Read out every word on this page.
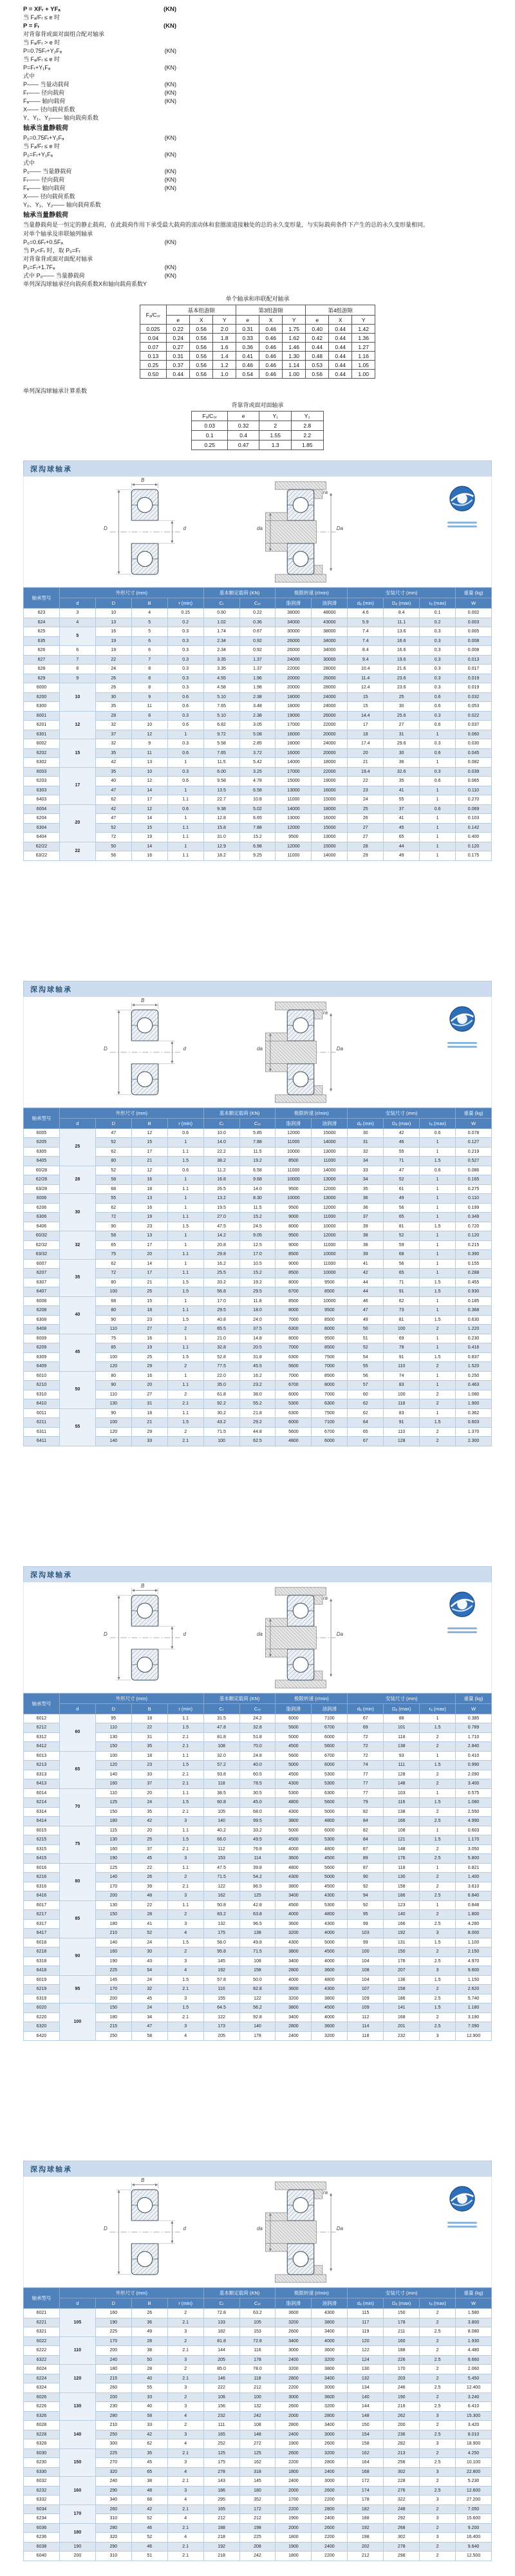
P = XFᵣ + YFₐ	(KN)
当 Fₐ/Fᵣ ≤ e 时
P = Fᵣ	(KN)
对背靠背或面对面组合配对轴承
当 Fₐ/Fᵣ > e 时
P=0.75Fᵣ+Y₂Fₐ	(KN)
当 Fₐ/Fᵣ ≤ e 时
P=Fᵣ+Y₁Fₐ	(KN)
式中
P—— 当量动载荷	(KN)
Fᵣ—— 径向载荷	(KN)
Fₐ—— 轴向载荷	(KN)
X—— 径向载荷系数
Y、Y₁、Y₂—— 轴向载荷系数
轴承当量静载荷
P₀=0.75Fᵣ+Y₁Fₐ	(KN)
当 Fₐ/Fᵣ ≤ e 时
P₀=Fᵣ+Y₁Fₐ	(KN)
式中
P₀—— 当量静载荷	(KN)
Fᵣ—— 径向载荷	(KN)
Fₐ—— 轴向载荷	(KN)
X—— 径向载荷系数
Y₀、Y₁、Y₂—— 轴向载荷系数
轴承当量静载荷
当量静载荷是一恒定的静止载荷，在此载荷作用下承受最大载荷的滚动体和套圈滚道接触处的总的永久变形量，与实际载荷条件下产生的总的永久变形量相同。
对单个轴承及串联轴列轴承
P₀=0.6Fᵣ+0.5Fₐ	(KN)
当 P₀<Fᵣ 时，取 P₀=Fᵣ
对背靠背或面对面配对轴承
P₀=Fᵣ+1.7Fₐ	(KN)
式中 P₀—— 当量静载荷	(KN)
单列深沟球轴承径向载荷系数X和轴向载荷系数Y
单个轴承和串联配对轴承
Fₐ/C₀ᵣ	基本组游隙			第3组游隙			第4组游隙		
	e	X	Y	e	X	Y	e	X	Y
0.025	0.22	0.56	2.0	0.31	0.46	1.75	0.40	0.44	1.42
0.04	0.24	0.56	1.8	0.33	0.46	1.62	0.42	0.44	1.36
0.07	0.27	0.56	1.6	0.36	0.46	1.46	0.44	0.44	1.27
0.13	0.31	0.56	1.4	0.41	0.46	1.30	0.48	0.44	1.16
0.25	0.37	0.56	1.2	0.46	0.46	1.14	0.53	0.44	1.05
0.50	0.44	0.56	1.0	0.54	0.46	1.00	0.56	0.44	1.00
单列深沟球轴承计算系数
背靠背或面对面轴承
Fₐ/C₀ᵣ	e	Y₁	Y₂
0.03	0.32	2	2.8
0.1	0.4	1.55	2.2
0.25	0.47	1.3	1.85
深沟球轴承
B
D	d	da	Da
ra
轴承型号	外形尺寸 (mm)				基本额定载荷 (KN)		极限转速 (r/min)		安装尺寸 (mm)			重量 (kg)
	d	D	B	r (min)	Cᵣ	C₀ᵣ	脂润滑	油润滑	dₐ (min)	Dₐ (max)	rₐ (max)	W
623	3	10	4	0.15	0.60	0.22	38000	48000	4.6	8.4	0.1	0.002
624	4	13	5	0.2	1.02	0.36	34000	43000	5.9	11.1	0.2	0.003
625	5	16	5	0.3	1.74	0.67	30000	38000	7.4	13.6	0.3	0.005
635		19	6	0.3	2.34	0.92	26000	34000	7.4	16.6	0.3	0.008
626	6	19	6	0.3	2.34	0.92	26000	34000	8.4	16.6	0.3	0.008
627	7	22	7	0.3	3.35	1.37	24000	30000	9.4	19.6	0.3	0.013
628	8	24	8	0.3	3.35	1.37	22000	28000	10.4	21.6	0.3	0.017
629	9	26	8	0.3	4.55	1.96	20000	26000	11.4	23.6	0.3	0.019
6000	10	26	8	0.3	4.58	1.98	20000	28000	12.4	23.6	0.3	0.019
6200		30	9	0.6	5.10	2.38	18000	24000	15	25	0.6	0.032
6300		35	11	0.6	7.65	3.48	18000	24000	15	30	0.6	0.053
6001	12	28	8	0.3	5.10	2.38	19000	26000	14.4	25.6	0.3	0.022
6201		32	10	0.6	6.82	3.05	17000	22000	17	27	0.6	0.037
6301		37	12	1	9.72	5.08	16000	20000	18	31	1	0.060
6002	15	32	9	0.3	5.58	2.85	18000	24000	17.4	29.6	0.3	0.030
6202		35	11	0.6	7.65	3.72	16000	20000	20	30	0.6	0.045
6302		42	13	1	11.5	5.42	14000	18000	21	36	1	0.082
6003	17	35	10	0.3	6.00	3.25	17000	22000	19.4	32.6	0.3	0.039
6203		40	12	0.6	9.58	4.78	15000	19000	22	35	0.6	0.065
6303		47	14	1	13.5	6.58	13000	16000	23	41	1	0.110
6403		62	17	1.1	22.7	10.8	11000	15000	24	55	1	0.270
6004	20	42	12	0.6	9.38	5.02	14000	18000	25	37	0.6	0.069
6204		47	14	1	12.8	6.65	13000	16000	26	41	1	0.103
6304		52	15	1.1	15.8	7.88	12000	15000	27	45	1	0.142
6404		72	19	1.1	31.0	15.2	9500	13000	27	65	1	0.400
62/22	22	50	14	1	12.9	6.98	12000	15000	28	44	1	0.120
63/22		56	16	1.1	18.2	9.25	11000	14000	29	49	1	0.175
深沟球轴承
B
D	d	da	Da
ra
轴承型号	外形尺寸 (mm)				基本额定载荷 (KN)		极限转速 (r/min)		安装尺寸 (mm)			重量 (kg)
	d	D	B	r (min)	Cᵣ	C₀ᵣ	脂润滑	油润滑	dₐ (min)	Dₐ (max)	rₐ (max)	W
6005	25	47	12	0.6	10.0	5.85	12000	15000	30	42	0.6	0.078
6205		52	15	1	14.0	7.88	11000	14000	31	46	1	0.127
6305		62	17	1.1	22.2	11.5	10000	13000	32	55	1	0.219
6405		80	21	1.5	38.2	19.2	8500	11000	34	71	1.5	0.527
60/28	28	52	12	0.6	11.2	6.58	11000	14000	33	47	0.6	0.086
62/28		58	16	1	16.8	9.68	10000	13000	34	52	1	0.165
63/28		68	18	1.1	26.5	14.0	9500	12000	35	61	1	0.275
6006	30	55	13	1	13.2	8.30	10000	13000	36	49	1	0.110
6206		62	16	1	19.5	11.5	9500	12000	36	56	1	0.199
6306		72	19	1.1	27.0	15.2	9000	11000	37	65	1	0.349
6406		90	23	1.5	47.5	24.5	8000	10000	39	81	1.5	0.720
60/32	32	58	13	1	14.2	9.05	9500	12000	38	52	1	0.120
62/32		65	17	1	20.8	12.5	9000	11000	38	59	1	0.215
63/32		75	20	1.1	29.8	17.0	8500	10000	39	68	1	0.390
6007	35	62	14	1	16.2	10.5	9000	11000	41	56	1	0.155
6207		72	17	1.1	25.5	15.2	8500	10000	42	65	1	0.288
6307		80	21	1.5	33.2	19.2	8000	9500	44	71	1.5	0.455
6407		100	25	1.5	56.8	29.5	6700	8500	44	91	1.5	0.930
6008	40	68	15	1	17.0	11.8	8500	10000	46	62	1	0.185
6208		80	18	1.1	29.5	18.0	8000	9500	47	73	1	0.368
6308		90	23	1.5	40.8	24.0	7000	8500	49	81	1.5	0.630
6408		110	27	2	65.5	37.5	6300	8000	50	100	2	1.220
6009	45	75	16	1	21.0	14.8	8000	9500	51	69	1	0.230
6209		85	19	1.1	32.8	20.5	7000	8500	52	78	1	0.416
6309		100	25	1.5	52.8	31.8	6300	7500	54	91	1.5	0.837
6409		120	29	2	77.5	45.5	5600	7000	55	110	2	1.520
6010	50	80	16	1	22.0	16.2	7000	8500	56	74	1	0.250
6210		90	20	1.1	35.0	23.2	6700	8000	57	83	1	0.463
6310		110	27	2	61.8	38.0	6000	7000	60	100	2	1.080
6410		130	31	2.1	92.2	55.2	5300	6300	62	118	2	1.900
6011	55	90	18	1.1	30.2	21.8	6300	7500	62	83	1	0.362
6211		100	21	1.5	43.2	29.2	6000	7100	64	91	1.5	0.603
6311		120	29	2	71.5	44.8	5600	6700	65	110	2	1.370
6411		140	33	2.1	100	62.5	4800	6000	67	128	2	2.300
深沟球轴承
B
D	d	da	Da
ra
轴承型号	外形尺寸 (mm)				基本额定载荷 (KN)		极限转速 (r/min)		安装尺寸 (mm)			重量 (kg)
	d	D	B	r (min)	Cᵣ	C₀ᵣ	脂润滑	油润滑	dₐ (min)	Dₐ (max)	rₐ (max)	W
6012	60	95	18	1.1	31.5	24.2	6000	7100	67	88	1	0.385
6212		110	22	1.5	47.8	32.8	5600	6700	69	101	1.5	0.789
6312		130	31	2.1	81.8	51.8	5000	6000	72	118	2	1.710
6412		150	35	2.1	108	70.0	4500	5600	72	138	2	2.840
6013	65	100	18	1.1	32.0	24.8	5600	6700	72	93	1	0.410
6213		120	23	1.5	57.2	40.0	5000	6000	74	111	1.5	0.990
6313		140	33	2.1	93.8	60.5	4500	5300	77	128	2	2.090
6413		160	37	2.1	118	78.5	4300	5300	77	148	2	3.400
6014	70	110	20	1.1	38.5	30.5	5300	6300	77	103	1	0.575
6214		125	24	1.5	60.8	45.0	4800	5600	79	116	1.5	1.080
6314		150	35	2.1	105	68.0	4300	5000	82	138	2	2.550
6414		180	42	3	140	99.5	3800	4800	84	166	2.5	4.990
6015	75	115	20	1.1	40.2	33.2	5000	6000	82	108	1	0.603
6215		130	25	1.5	66.0	49.5	4500	5300	84	121	1.5	1.170
6315		160	37	2.1	112	76.8	4000	4800	87	148	2	3.050
6415		190	45	3	153	114	3600	4500	89	176	2.5	5.800
6016	80	125	22	1.1	47.5	39.8	4800	5600	87	118	1	0.821
6216		140	26	2	71.5	54.2	4300	5000	90	130	2	1.400
6316		170	39	2.1	122	86.5	3800	4500	92	158	2	3.610
6416		200	48	3	162	125	3400	4300	94	186	2.5	6.840
6017	85	130	22	1.1	50.8	42.8	4500	5300	92	123	1	0.848
6217		150	28	2	83.2	63.8	4000	4800	95	140	2	1.800
6317		180	41	3	132	96.5	3600	4300	99	166	2.5	4.280
6417		210	52	4	175	138	3200	4000	103	192	3	8.000
6018	90	140	24	1.5	58.0	49.8	4300	5000	99	131	1.5	1.100
6218		160	30	2	95.8	71.5	3800	4500	100	150	2	2.150
6318		190	43	3	145	108	3400	4000	104	176	2.5	4.970
6418		225	54	4	192	158	2800	3600	108	207	3	9.600
6019	95	145	24	1.5	57.8	50.0	4000	4800	104	136	1.5	1.150
6219		170	32	2.1	110	82.8	3600	4300	107	158	2	2.620
6319		200	45	3	155	122	3200	3800	109	186	2.5	5.740
6020	100	150	24	1.5	64.5	56.2	3800	4500	109	141	1.5	1.180
6220		180	34	2.1	122	92.8	3400	4000	112	168	2	3.190
6320		215	47	3	173	140	2800	3600	114	201	2.5	7.090
6420		250	58	4	205	178	2400	3200	118	232	3	12.900
深沟球轴承
B
D	d	da	Da
ra
轴承型号	外形尺寸 (mm)				基本额定载荷 (KN)		极限转速 (r/min)		安装尺寸 (mm)			重量 (kg)
	d	D	B	r (min)	Cᵣ	C₀ᵣ	脂润滑	油润滑	dₐ (min)	Dₐ (max)	rₐ (max)	W
6021	105	160	26	2	72.8	63.2	3600	4300	115	150	2	1.580
6221		190	36	2.1	133	105	3200	3800	117	178	2	3.800
6321		225	49	3	182	153	2600	3400	119	211	2.5	8.080
6022	110	170	28	2	81.8	72.8	3400	4000	120	160	2	1.930
6222		200	38	2.1	144	116	3000	3600	122	188	2	4.480
6322		240	50	3	205	178	2400	3200	124	226	2.5	9.660
6024	120	180	28	2	85.0	78.0	3200	3800	130	170	2	2.060
6224		215	40	2.1	146	118	2800	3400	132	203	2	5.450
6324		260	55	3	222	212	2200	3000	134	246	2.5	12.400
6026	130	200	33	2	106	100	3000	3600	140	190	2	3.240
6226		230	40	3	156	132	2600	3200	144	216	2.5	6.410
6326		280	58	4	232	242	2000	2800	148	262	3	15.300
6028	140	210	33	2	111	108	2800	3400	150	200	2	3.420
6228		250	42	3	165	148	2400	3000	154	236	2.5	8.010
6328		300	62	4	252	272	1900	2600	158	282	3	18.900
6030	150	225	35	2.1	125	125	2600	3200	162	213	2	4.250
6230		270	45	3	175	162	2200	2800	164	256	2.5	10.100
6330		320	65	4	278	318	1800	2400	168	302	3	22.800
6032	160	240	38	2.1	143	145	2400	3000	172	228	2	5.230
6232		290	48	3	186	180	2000	2600	174	276	2.5	12.600
6332		340	68	4	295	352	1700	2200	178	322	3	27.200
6034	170	260	42	2.1	165	172	2200	2800	182	248	2	7.050
6234		310	52	4	212	212	1900	2400	188	292	3	15.600
6036	180	280	46	2.1	188	198	2000	2600	192	268	2	9.200
6236		320	52	4	218	225	1800	2200	198	302	3	16.400
6038	190	290	46	2.1	192	208	1900	2400	202	278	2	9.640
6040	200	310	51	2.1	218	242	1800	2200	212	298	2	12.500
